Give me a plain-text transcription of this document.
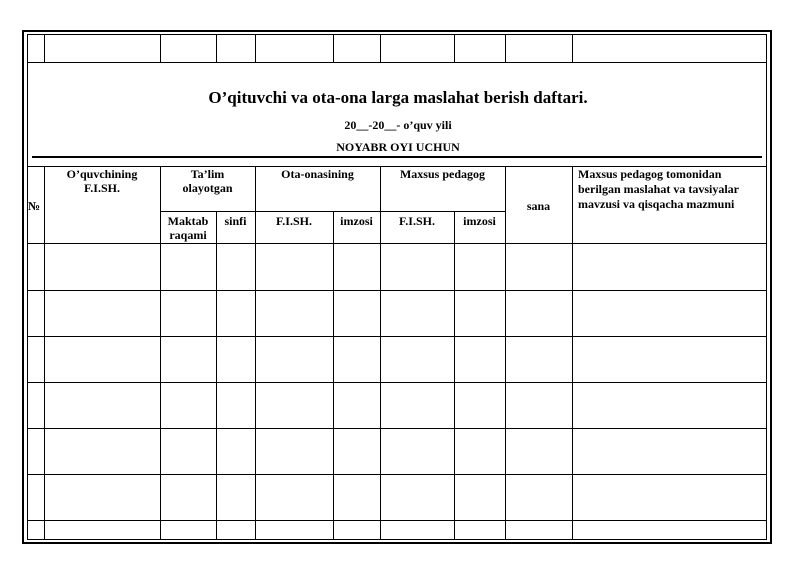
O’qituvchi va ota-ona larga maslahat berish daftari.
20__-20__- o’quv yili
NOYABR OYI UCHUN
№
O’quvchining
F.I.SH.
Ta’lim
olayotgan
Maktab
raqami
sinfi
Ota-onasining
F.I.SH.	imzosi
Maxsus pedagog
F.I.SH.	imzosi
sana
Maxsus pedagog tomonidan
berilgan maslahat va tavsiyalar
mavzusi va qisqacha mazmuni
